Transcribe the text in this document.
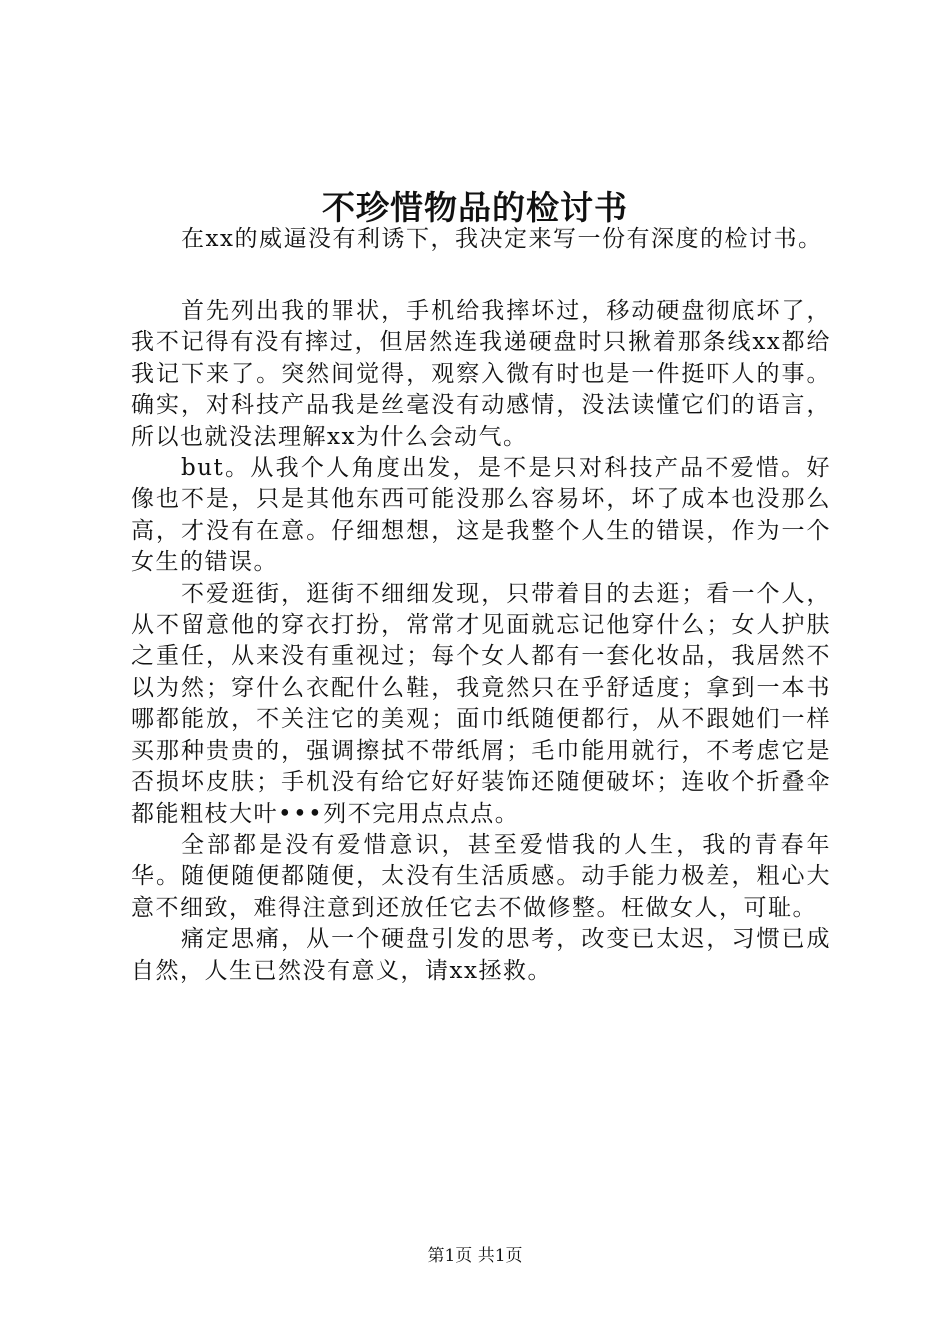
不珍惜物品的检讨书

在xx的威逼没有利诱下，我决定来写一份有深度的检讨书。

首先列出我的罪状，手机给我摔坏过，移动硬盘彻底坏了，我不记得有没有摔过，但居然连我递硬盘时只揪着那条线xx都给我记下来了。突然间觉得，观察入微有时也是一件挺吓人的事。确实，对科技产品我是丝毫没有动感情，没法读懂它们的语言，所以也就没法理解xx为什么会动气。

but。从我个人角度出发，是不是只对科技产品不爱惜。好像也不是，只是其他东西可能没那么容易坏，坏了成本也没那么高，才没有在意。仔细想想，这是我整个人生的错误，作为一个女生的错误。

不爱逛街，逛街不细细发现，只带着目的去逛；看一个人，从不留意他的穿衣打扮，常常才见面就忘记他穿什么；女人护肤之重任，从来没有重视过；每个女人都有一套化妆品，我居然不以为然；穿什么衣配什么鞋，我竟然只在乎舒适度；拿到一本书哪都能放，不关注它的美观；面巾纸随便都行，从不跟她们一样买那种贵贵的，强调擦拭不带纸屑；毛巾能用就行，不考虑它是否损坏皮肤；手机没有给它好好装饰还随便破坏；连收个折叠伞都能粗枝大叶•••列不完用点点点。

全部都是没有爱惜意识，甚至爱惜我的人生，我的青春年华。随便随便都随便，太没有生活质感。动手能力极差，粗心大意不细致，难得注意到还放任它去不做修整。枉做女人，可耻。

痛定思痛，从一个硬盘引发的思考，改变已太迟，习惯已成自然，人生已然没有意义，请xx拯救。

第1页 共1页
